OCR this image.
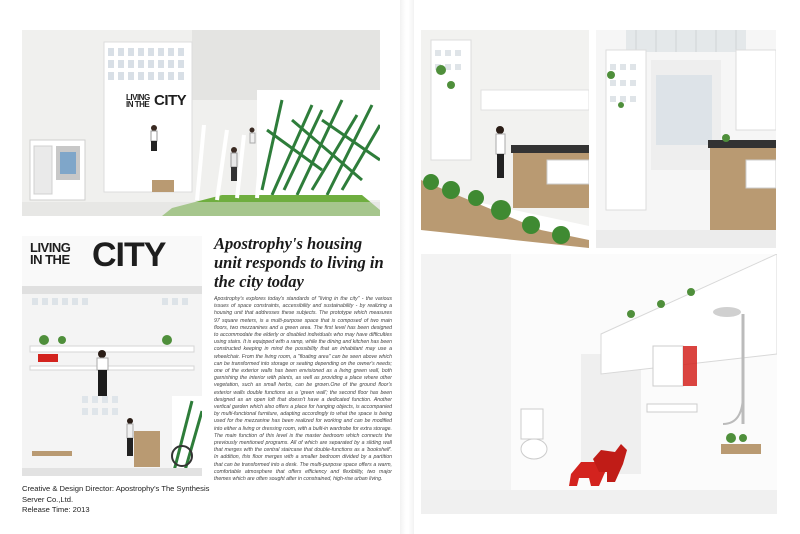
LIVING
IN THE CITY
LIVING
IN THE CITY	Apostrophy's housing unit responds to living in the city today
Apostrophy's explores today's standards of "living in the city" - the various issues of space constraints, accessibility and sustainability - by realizing a housing unit that addresses these subjects. The prototype which measures 97 square meters, is a multi-purpose space that is composed of two main floors, two mezzanines and a green area. The first level has been designed to accommodate the elderly or disabled individuals who may have difficulties using stairs. It is equipped with a ramp, while the dining and kitchen has been constructed keeping in mind the possibility that an inhabitant may use a wheelchair. From the living room, a "floating area" can be seen above which can be transformed into storage or seating depending on the owner's needs; one of the exterior walls has been envisioned as a living green wall, both garnishing the interior with plants, as well as providing a place where other vegetation, such as small herbs, can be grown.One of the ground floor's exterior walls double functions as a 'green wall'; the second floor has been designed as an open loft that doesn't have a dedicated function. Another vertical garden which also offers a place for hanging objects, is accompanied by multi-functional furniture, adapting accordingly to what the space is being used for the mezzanine has been realized for working and can be modified into either a living or dressing room, with a built-in wardrobe for extra storage. The main function of this level is the master bedroom which connects the previously mentioned programs. All of which are separated by a sliding wall that merges with the central staircase that double-functions as a 'bookshelf'. In addition, this floor merges with a smaller bedroom divided by a partition that can be transformed into a desk. The multi-purpose space offers a warm, comfortable atmosphere that offers efficiency and flexibility, two major themes which are often sought after in constrained, high-rise urban living.
Creative & Design Director: Apostrophy's The Synthesis
Server Co.,Ltd.
Release Time: 2013
